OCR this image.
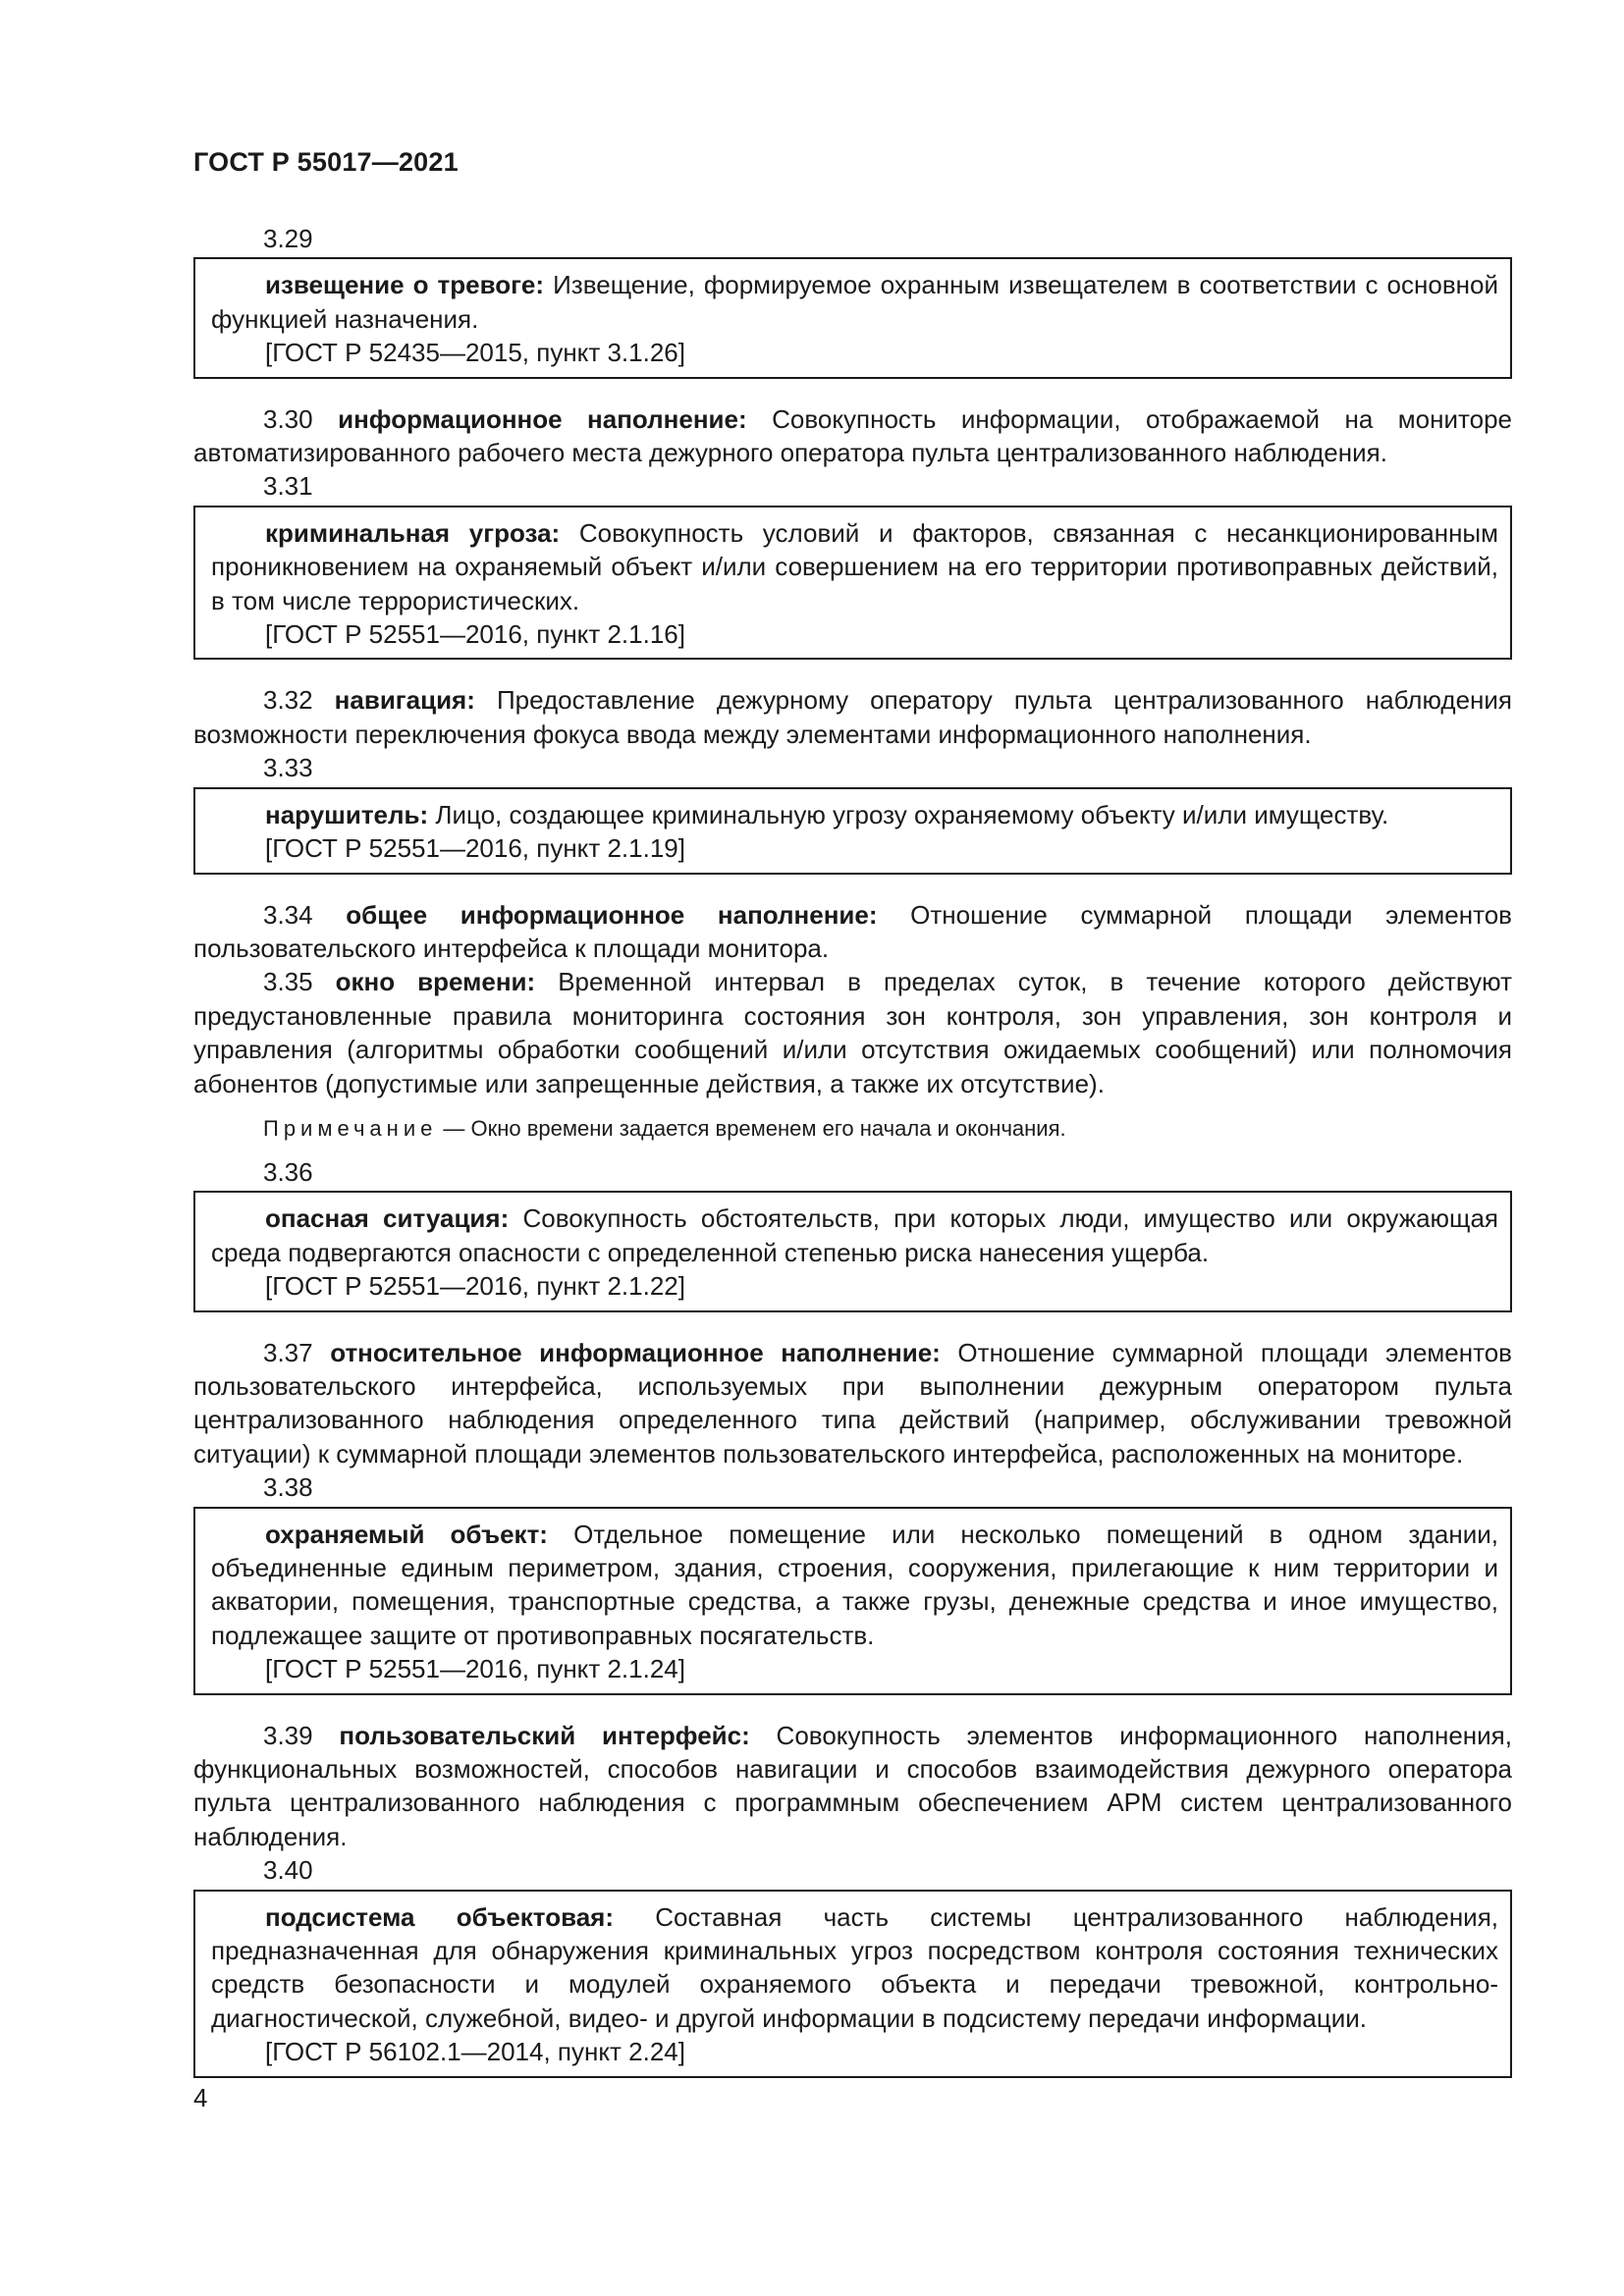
ГОСТ Р 55017—2021

3.29

извещение о тревоге: Извещение, формируемое охранным извещателем в соответствии с основной функцией назначения.

[ГОСТ Р 52435—2015, пункт 3.1.26]

3.30 информационное наполнение: Совокупность информации, отображаемой на мониторе автоматизированного рабочего места дежурного оператора пульта централизованного наблюдения.

3.31

криминальная угроза: Совокупность условий и факторов, связанная с несанкционированным проникновением на охраняемый объект и/или совершением на его территории противоправных действий, в том числе террористических.

[ГОСТ Р 52551—2016, пункт 2.1.16]

3.32 навигация: Предоставление дежурному оператору пульта централизованного наблюдения возможности переключения фокуса ввода между элементами информационного наполнения.

3.33

нарушитель: Лицо, создающее криминальную угрозу охраняемому объекту и/или имуществу.

[ГОСТ Р 52551—2016, пункт 2.1.19]

3.34 общее информационное наполнение: Отношение суммарной площади элементов пользовательского интерфейса к площади монитора.

3.35 окно времени: Временной интервал в пределах суток, в течение которого действуют предустановленные правила мониторинга состояния зон контроля, зон управления, зон контроля и управления (алгоритмы обработки сообщений и/или отсутствия ожидаемых сообщений) или полномочия абонентов (допустимые или запрещенные действия, а также их отсутствие).

Примечание — Окно времени задается временем его начала и окончания.

3.36

опасная ситуация: Совокупность обстоятельств, при которых люди, имущество или окружающая среда подвергаются опасности с определенной степенью риска нанесения ущерба.

[ГОСТ Р 52551—2016, пункт 2.1.22]

3.37 относительное информационное наполнение: Отношение суммарной площади элементов пользовательского интерфейса, используемых при выполнении дежурным оператором пульта централизованного наблюдения определенного типа действий (например, обслуживании тревожной ситуации) к суммарной площади элементов пользовательского интерфейса, расположенных на мониторе.

3.38

охраняемый объект: Отдельное помещение или несколько помещений в одном здании, объединенные единым периметром, здания, строения, сооружения, прилегающие к ним территории и акватории, помещения, транспортные средства, а также грузы, денежные средства и иное имущество, подлежащее защите от противоправных посягательств.

[ГОСТ Р 52551—2016, пункт 2.1.24]

3.39 пользовательский интерфейс: Совокупность элементов информационного наполнения, функциональных возможностей, способов навигации и способов взаимодействия дежурного оператора пульта централизованного наблюдения с программным обеспечением АРМ систем централизованного наблюдения.

3.40

подсистема объектовая: Составная часть системы централизованного наблюдения, предназначенная для обнаружения криминальных угроз посредством контроля состояния технических средств безопасности и модулей охраняемого объекта и передачи тревожной, контрольно-диагностической, служебной, видео- и другой информации в подсистему передачи информации.

[ГОСТ Р 56102.1—2014, пункт 2.24]

4
